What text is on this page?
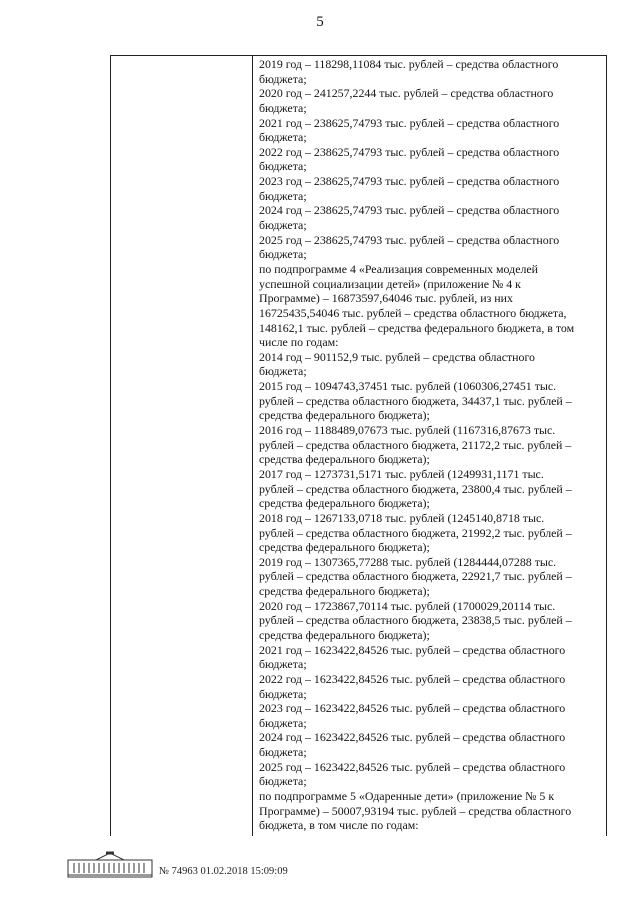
5
2019 год – 118298,11084 тыс. рублей – средства областного
бюджета;
2020 год – 241257,2244 тыс. рублей – средства областного
бюджета;
2021 год – 238625,74793 тыс. рублей – средства областного
бюджета;
2022 год – 238625,74793 тыс. рублей – средства областного
бюджета;
2023 год – 238625,74793 тыс. рублей – средства областного
бюджета;
2024 год – 238625,74793 тыс. рублей – средства областного
бюджета;
2025 год – 238625,74793 тыс. рублей – средства областного
бюджета;
по подпрограмме 4 «Реализация современных моделей
успешной социализации детей» (приложение № 4 к
Программе) – 16873597,64046 тыс. рублей, из них
16725435,54046 тыс. рублей – средства областного бюджета,
148162,1 тыс. рублей – средства федерального бюджета, в том
числе по годам:
2014 год – 901152,9 тыс. рублей – средства областного
бюджета;
2015 год – 1094743,37451 тыс. рублей (1060306,27451 тыс.
рублей – средства областного бюджета, 34437,1 тыс. рублей –
средства федерального бюджета);
2016 год – 1188489,07673 тыс. рублей (1167316,87673 тыс.
рублей – средства областного бюджета, 21172,2 тыс. рублей –
средства федерального бюджета);
2017 год – 1273731,5171 тыс. рублей (1249931,1171 тыс.
рублей – средства областного бюджета, 23800,4 тыс. рублей –
средства федерального бюджета);
2018 год – 1267133,0718 тыс. рублей (1245140,8718 тыс.
рублей – средства областного бюджета, 21992,2 тыс. рублей –
средства федерального бюджета);
2019 год – 1307365,77288 тыс. рублей (1284444,07288 тыс.
рублей – средства областного бюджета, 22921,7 тыс. рублей –
средства федерального бюджета);
2020 год – 1723867,70114 тыс. рублей (1700029,20114 тыс.
рублей – средства областного бюджета, 23838,5 тыс. рублей –
средства федерального бюджета);
2021 год – 1623422,84526 тыс. рублей – средства областного
бюджета;
2022 год – 1623422,84526 тыс. рублей – средства областного
бюджета;
2023 год – 1623422,84526 тыс. рублей – средства областного
бюджета;
2024 год – 1623422,84526 тыс. рублей – средства областного
бюджета;
2025 год – 1623422,84526 тыс. рублей – средства областного
бюджета;
по подпрограмме 5 «Одаренные дети» (приложение № 5 к
Программе) – 50007,93194 тыс. рублей – средства областного
бюджета, в том числе по годам:
№ 74963 01.02.2018 15:09:09
